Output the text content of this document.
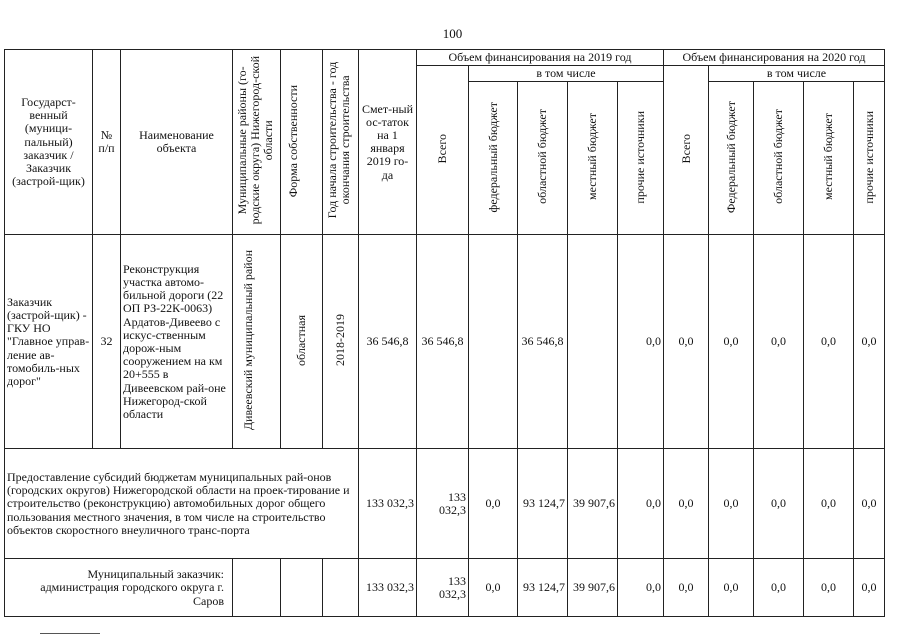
100
Государст-венный (муници-пальный) заказчик / Заказчик (застрой-щик)	№ п/п	Наименование объекта	Муниципальные районы (го-родские округа) Нижегород-ской области	Форма собственности	Год начала строительства - год окончания строительства	Смет-ный ос-таток на 1 января 2019 го-да	Объем финансирования на 2019 год					Объем финансирования на 2020 год				
							Всего	в том числе				Всего	в том числе			
								федеральный бюджет	областной бюджет	местный бюджет	прочие источники		Федеральный бюджет	областной бюджет	местный бюджет	прочие источники
Заказчик (застрой-щик) - ГКУ НО "Главное управ-ление ав-томобиль-ных дорог"	32	Реконструкция участка автомо-бильной дороги (22 ОП РЗ-22К-0063) Ардатов-Дивеево с искус-ственным дорож-ным сооружением на км 20+555 в Дивеевском рай-оне Нижегород-ской области	Дивеевский муниципальный район	областная	2018-2019	36 546,8	36 546,8		36 546,8		0,0	0,0	0,0	0,0	0,0	0,0
Предоставление субсидий бюджетам муниципальных рай-онов (городских округов) Нижегородской области на проек-тирование и строительство (реконструкцию) автомобильных дорог общего пользования местного значения, в том числе на строительство объектов скоростного внеуличного транс-порта						133 032,3	133 032,3	0,0	93 124,7	39 907,6	0,0	0,0	0,0	0,0	0,0	0,0
Муниципальный заказчик: администрация городского округа г. Саров						133 032,3	133 032,3	0,0	93 124,7	39 907,6	0,0	0,0	0,0	0,0	0,0	0,0
